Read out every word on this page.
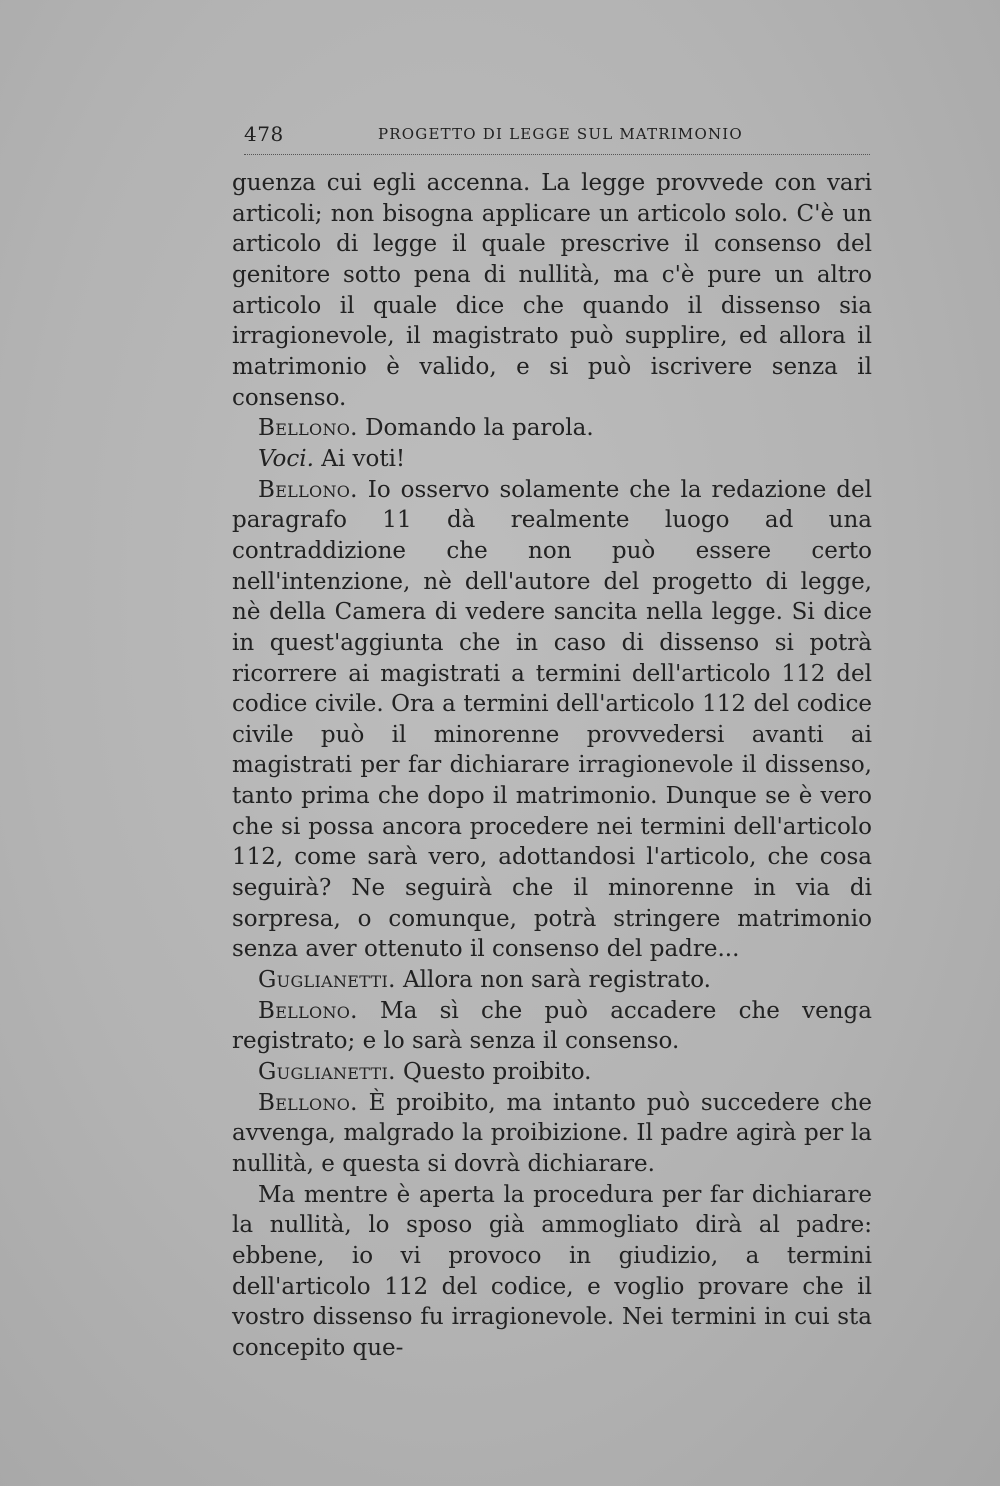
478	PROGETTO DI LEGGE SUL MATRIMONIO

guenza cui egli accenna. La legge provvede con vari articoli; non bisogna applicare un articolo solo. C'è un articolo di legge il quale prescrive il consenso del genitore sotto pena di nullità, ma c'è pure un altro articolo il quale dice che quando il dissenso sia irragionevole, il magistrato può supplire, ed allora il matrimonio è valido, e si può iscrivere senza il consenso.

Bellono. Domando la parola.

Voci. Ai voti!

Bellono. Io osservo solamente che la redazione del paragrafo 11 dà realmente luogo ad una contraddizione che non può essere certo nell'intenzione, nè dell'autore del progetto di legge, nè della Camera di vedere sancita nella legge. Si dice in quest'aggiunta che in caso di dissenso si potrà ricorrere ai magistrati a termini dell'articolo 112 del codice civile. Ora a termini dell'articolo 112 del codice civile può il minorenne provvedersi avanti ai magistrati per far dichiarare irragionevole il dissenso, tanto prima che dopo il matrimonio. Dunque se è vero che si possa ancora procedere nei termini dell'articolo 112, come sarà vero, adottandosi l'articolo, che cosa seguirà? Ne seguirà che il minorenne in via di sorpresa, o comunque, potrà stringere matrimonio senza aver ottenuto il consenso del padre...

Guglianetti. Allora non sarà registrato.

Bellono. Ma sì che può accadere che venga registrato; e lo sarà senza il consenso.

Guglianetti. Questo proibito.

Bellono. È proibito, ma intanto può succedere che avvenga, malgrado la proibizione. Il padre agirà per la nullità, e questa si dovrà dichiarare.

Ma mentre è aperta la procedura per far dichiarare la nullità, lo sposo già ammogliato dirà al padre: ebbene, io vi provoco in giudizio, a termini dell'articolo 112 del codice, e voglio provare che il vostro dissenso fu irragionevole. Nei termini in cui sta concepito que-
